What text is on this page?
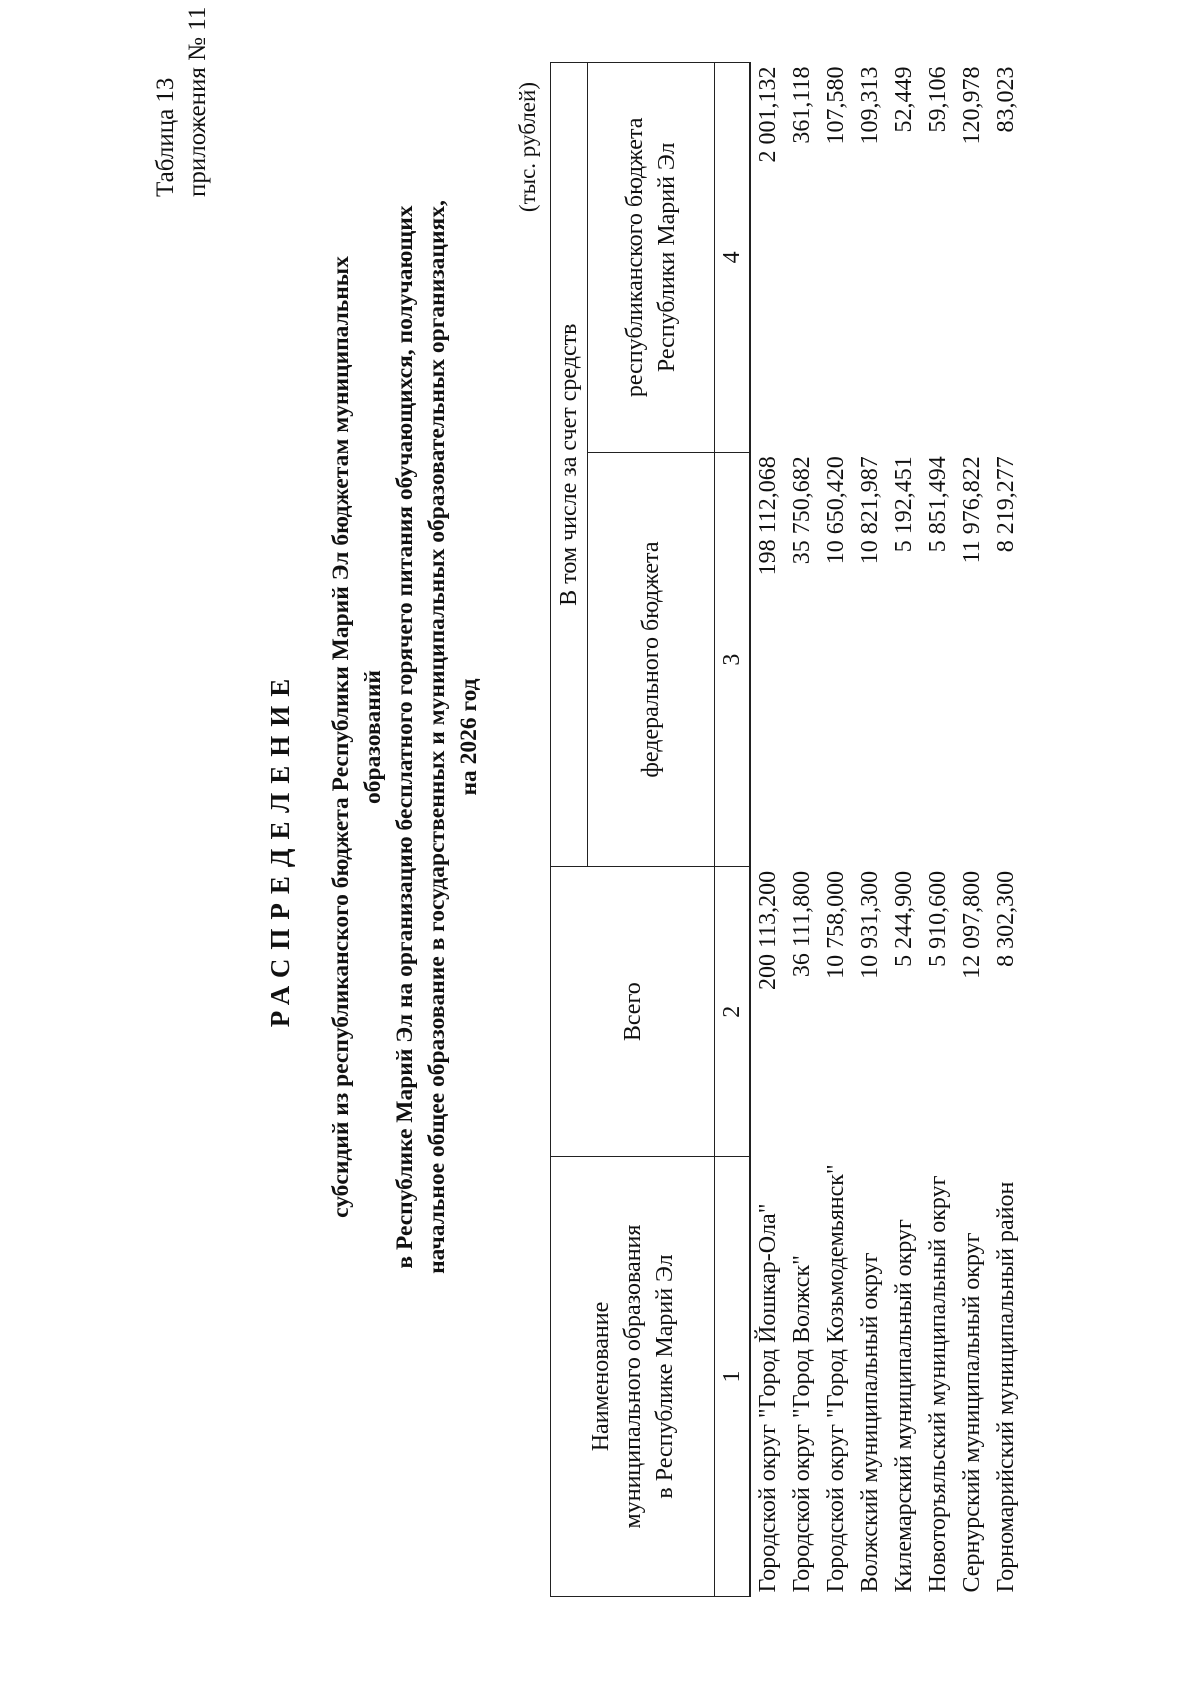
Таблица 13 приложения № 11
РАСПРЕДЕЛЕНИЕ субсидий из республиканского бюджета Республики Марий Эл бюджетам муниципальных образований в Республике Марий Эл на организацию бесплатного горячего питания обучающихся, получающих начальное общее образование в государственных и муниципальных образовательных организациях, на 2026 год
(тыс. рублей)
Наименование муниципального образования в Республике Марий Эл	Всего	В том числе за счет средств	
		федерального бюджета	республиканского бюджета Республики Марий Эл
1	2	3	4
Городской округ "Город Йошкар-Ола"	200 113,200	198 112,068	2 001,132
Городской округ "Город Волжск"	36 111,800	35 750,682	361,118
Городской округ "Город Козьмодемьянск"	10 758,000	10 650,420	107,580
Волжский муниципальный округ	10 931,300	10 821,987	109,313
Килемарский муниципальный округ	5 244,900	5 192,451	52,449
Новоторъяльский муниципальный округ	5 910,600	5 851,494	59,106
Сернурский муниципальный округ	12 097,800	11 976,822	120,978
Горномарийский муниципальный район	8 302,300	8 219,277	83,023
